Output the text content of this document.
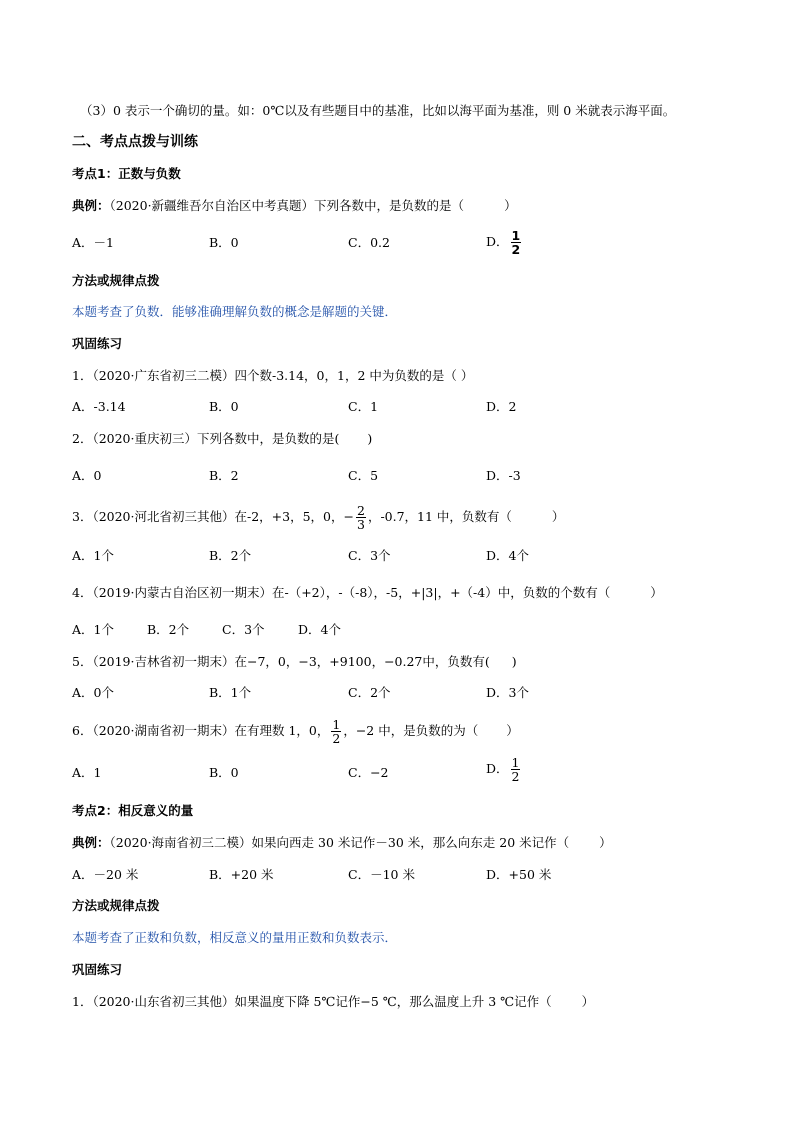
（3）0 表示一个确切的量。如：0℃以及有些题目中的基准，比如以海平面为基准，则 0 米就表示海平面。
二、考点点拨与训练
考点1：正数与负数
典例：（2020·新疆维吾尔自治区中考真题）下列各数中，是负数的是（	）
A．－1	B．0	C．0.2	D． $\frac{1}{2}$
方法或规律点拨
本题考查了负数．能够准确理解负数的概念是解题的关键．
巩固练习
1．（2020·广东省初三二模）四个数-3.14，0，1，2 中为负数的是（ ）
A．-3.14	B．0	C．1	D．2
2．（2020·重庆初三）下列各数中，是负数的是( )
A．0	B．2	C．5	D．-3
3．（2020·河北省初三其他）在-2，+3，5，0，− $\frac{2}{3}$ ，-0.7，11 中，负数有（	）
A．1个	B．2个	C．3个	D．4个
4．（2019·内蒙古自治区初一期末）在-（+2），-（-8），-5，+|3|，+（-4）中，负数的个数有（	）
A．1个	B．2个	C．3个	D．4个
5．（2019·吉林省初一期末）在−7，0，−3，+9100，−0.27中，负数有( )
A．0个	B．1个	C．2个	D．3个
6．（2020·湖南省初一期末）在有理数 1，0， $\frac{1}{2}$ ，−2 中，是负数的为（ ）
A．1	B．0	C．−2	D． $\frac{1}{2}$
考点2：相反意义的量
典例：（2020·海南省初三二模）如果向西走 30 米记作－30 米，那么向东走 20 米记作（ ）
A．－20 米	B．+20 米	C．－10 米	D．+50 米
方法或规律点拨
本题考查了正数和负数，相反意义的量用正数和负数表示．
巩固练习
1．（2020·山东省初三其他）如果温度下降 5℃记作−5 ℃，那么温度上升 3 ℃记作（ ）
